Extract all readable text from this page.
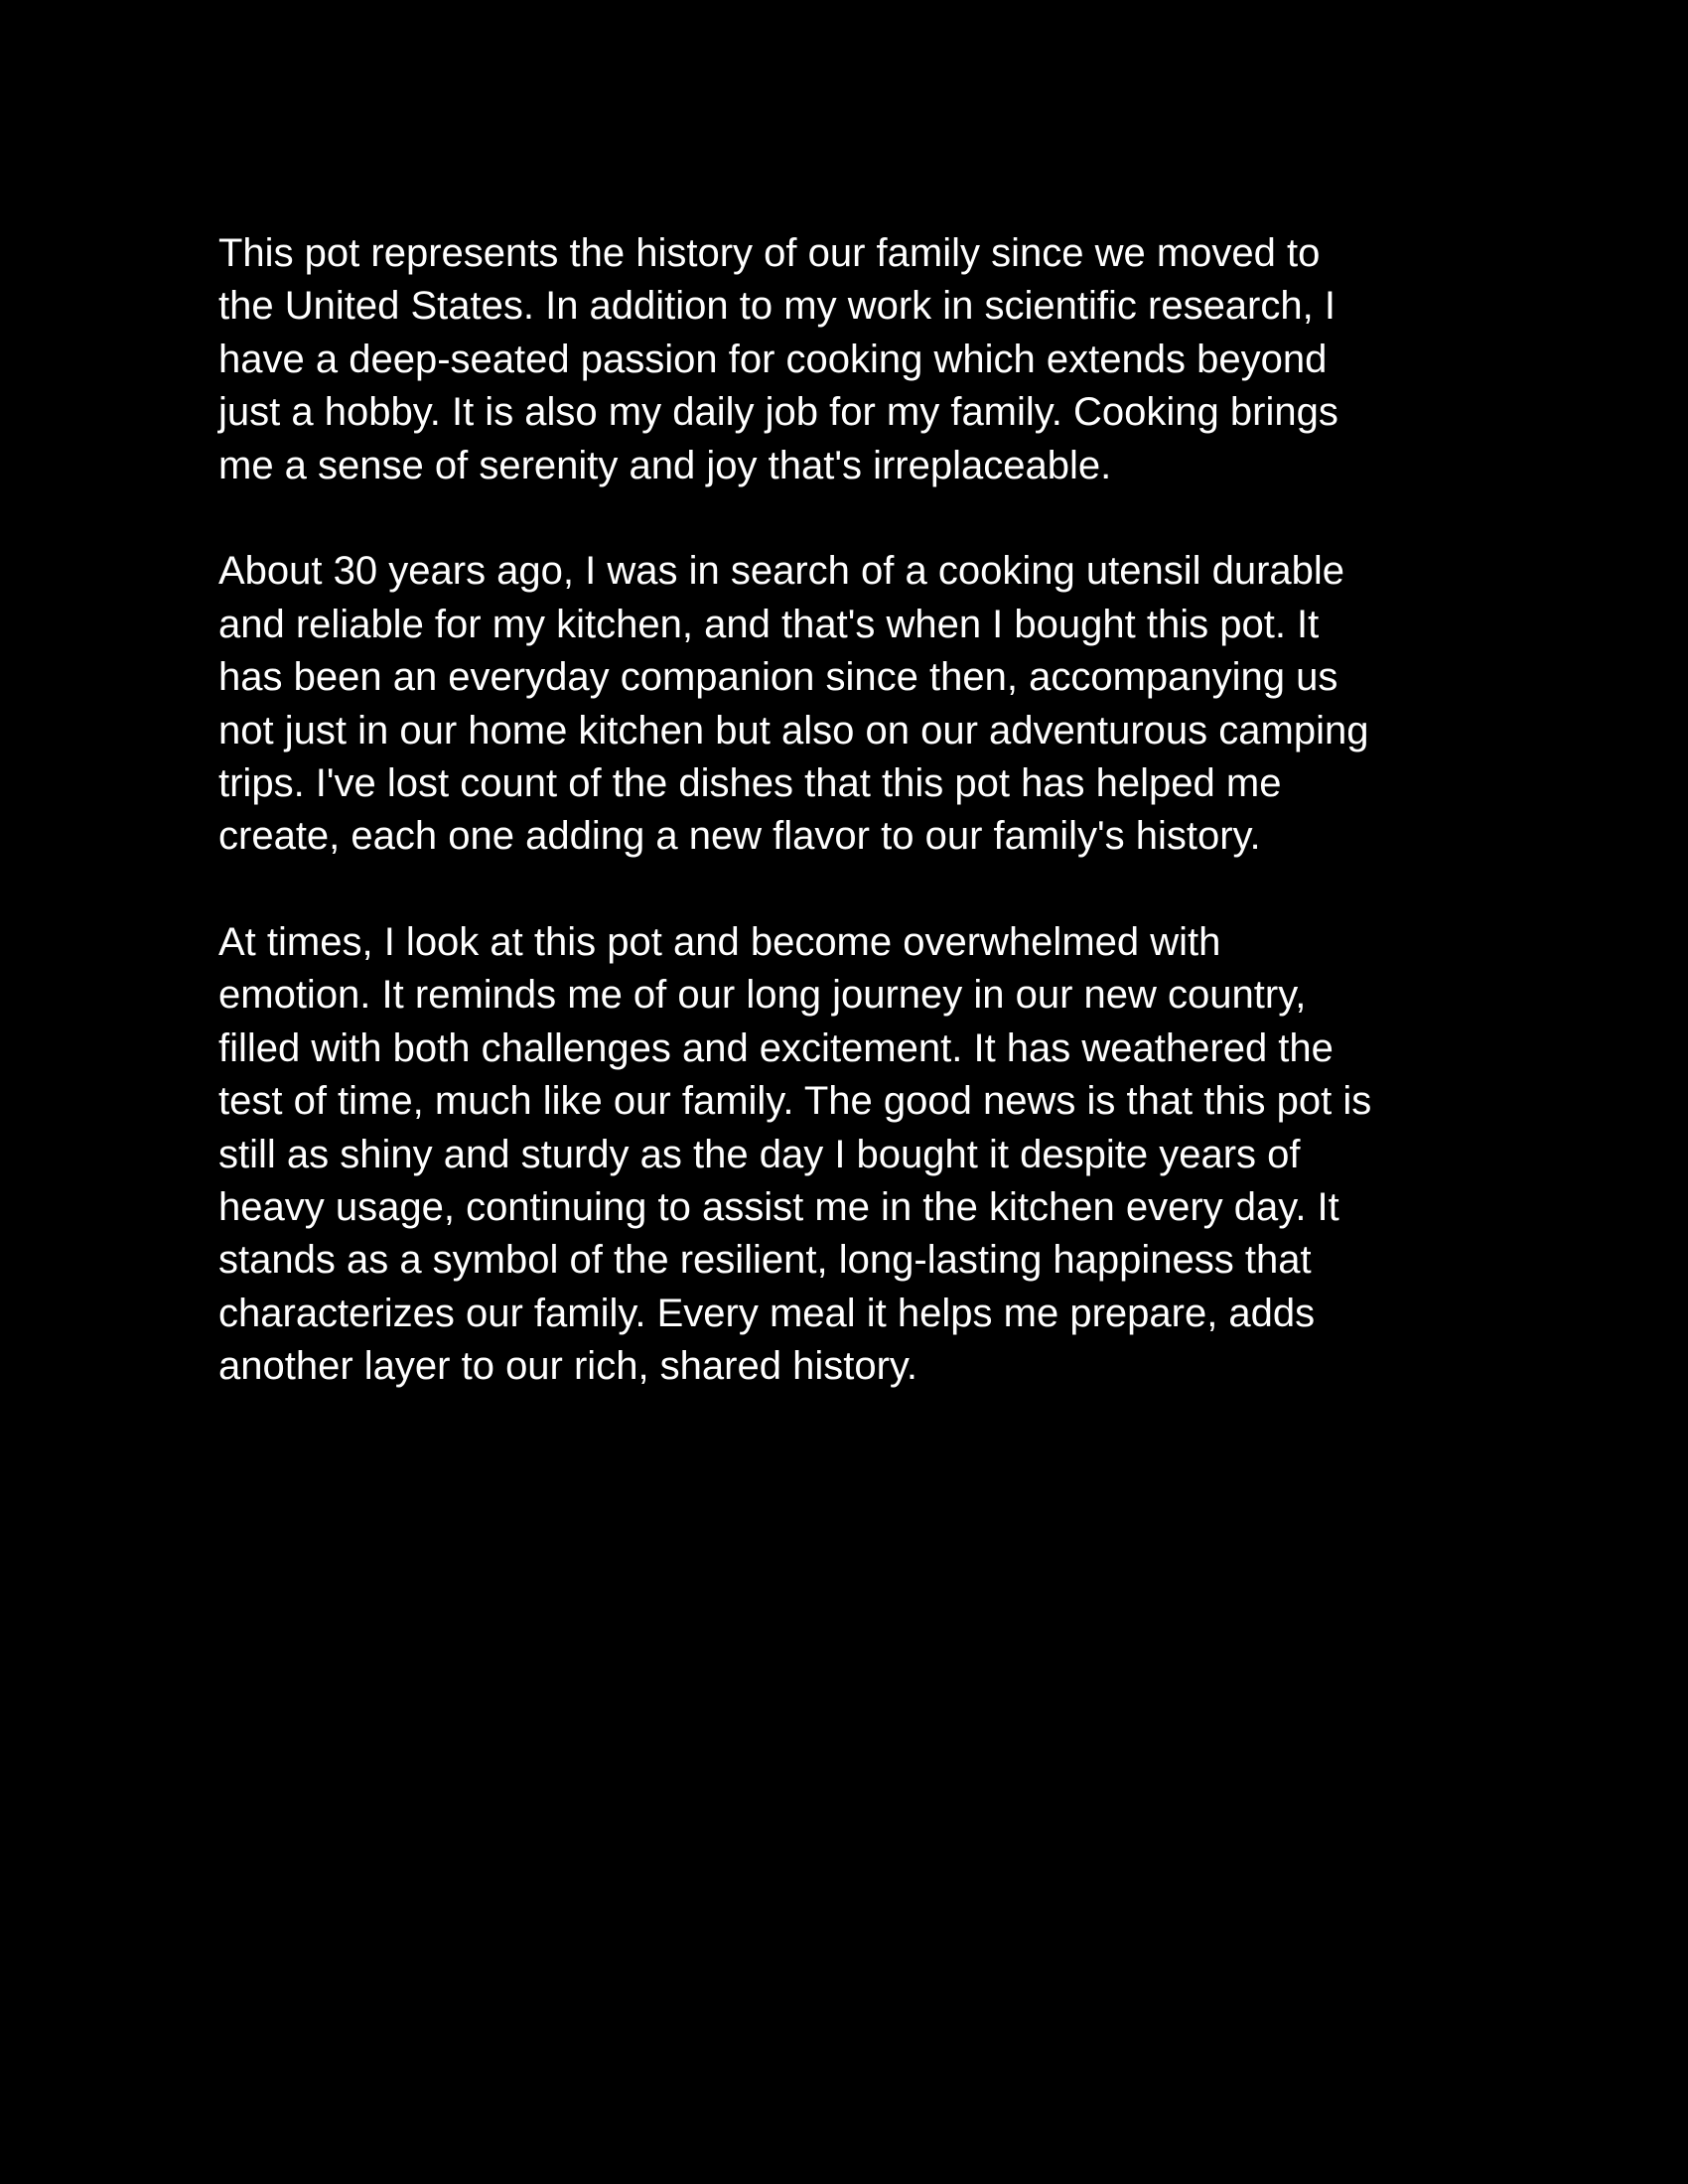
This pot represents the history of our family since we moved to
the United States. In addition to my work in scientific research, I
have a deep-seated passion for cooking which extends beyond
just a hobby. It is also my daily job for my family. Cooking brings
me a sense of serenity and joy that's irreplaceable.
About 30 years ago, I was in search of a cooking utensil durable
and reliable for my kitchen, and that's when I bought this pot. It
has been an everyday companion since then, accompanying us
not just in our home kitchen but also on our adventurous camping
trips. I've lost count of the dishes that this pot has helped me
create, each one adding a new flavor to our family's history.
At times, I look at this pot and become overwhelmed with
emotion. It reminds me of our long journey in our new country,
filled with both challenges and excitement. It has weathered the
test of time, much like our family. The good news is that this pot is
still as shiny and sturdy as the day I bought it despite years of
heavy usage, continuing to assist me in the kitchen every day. It
stands as a symbol of the resilient, long-lasting happiness that
characterizes our family. Every meal it helps me prepare, adds
another layer to our rich, shared history.
